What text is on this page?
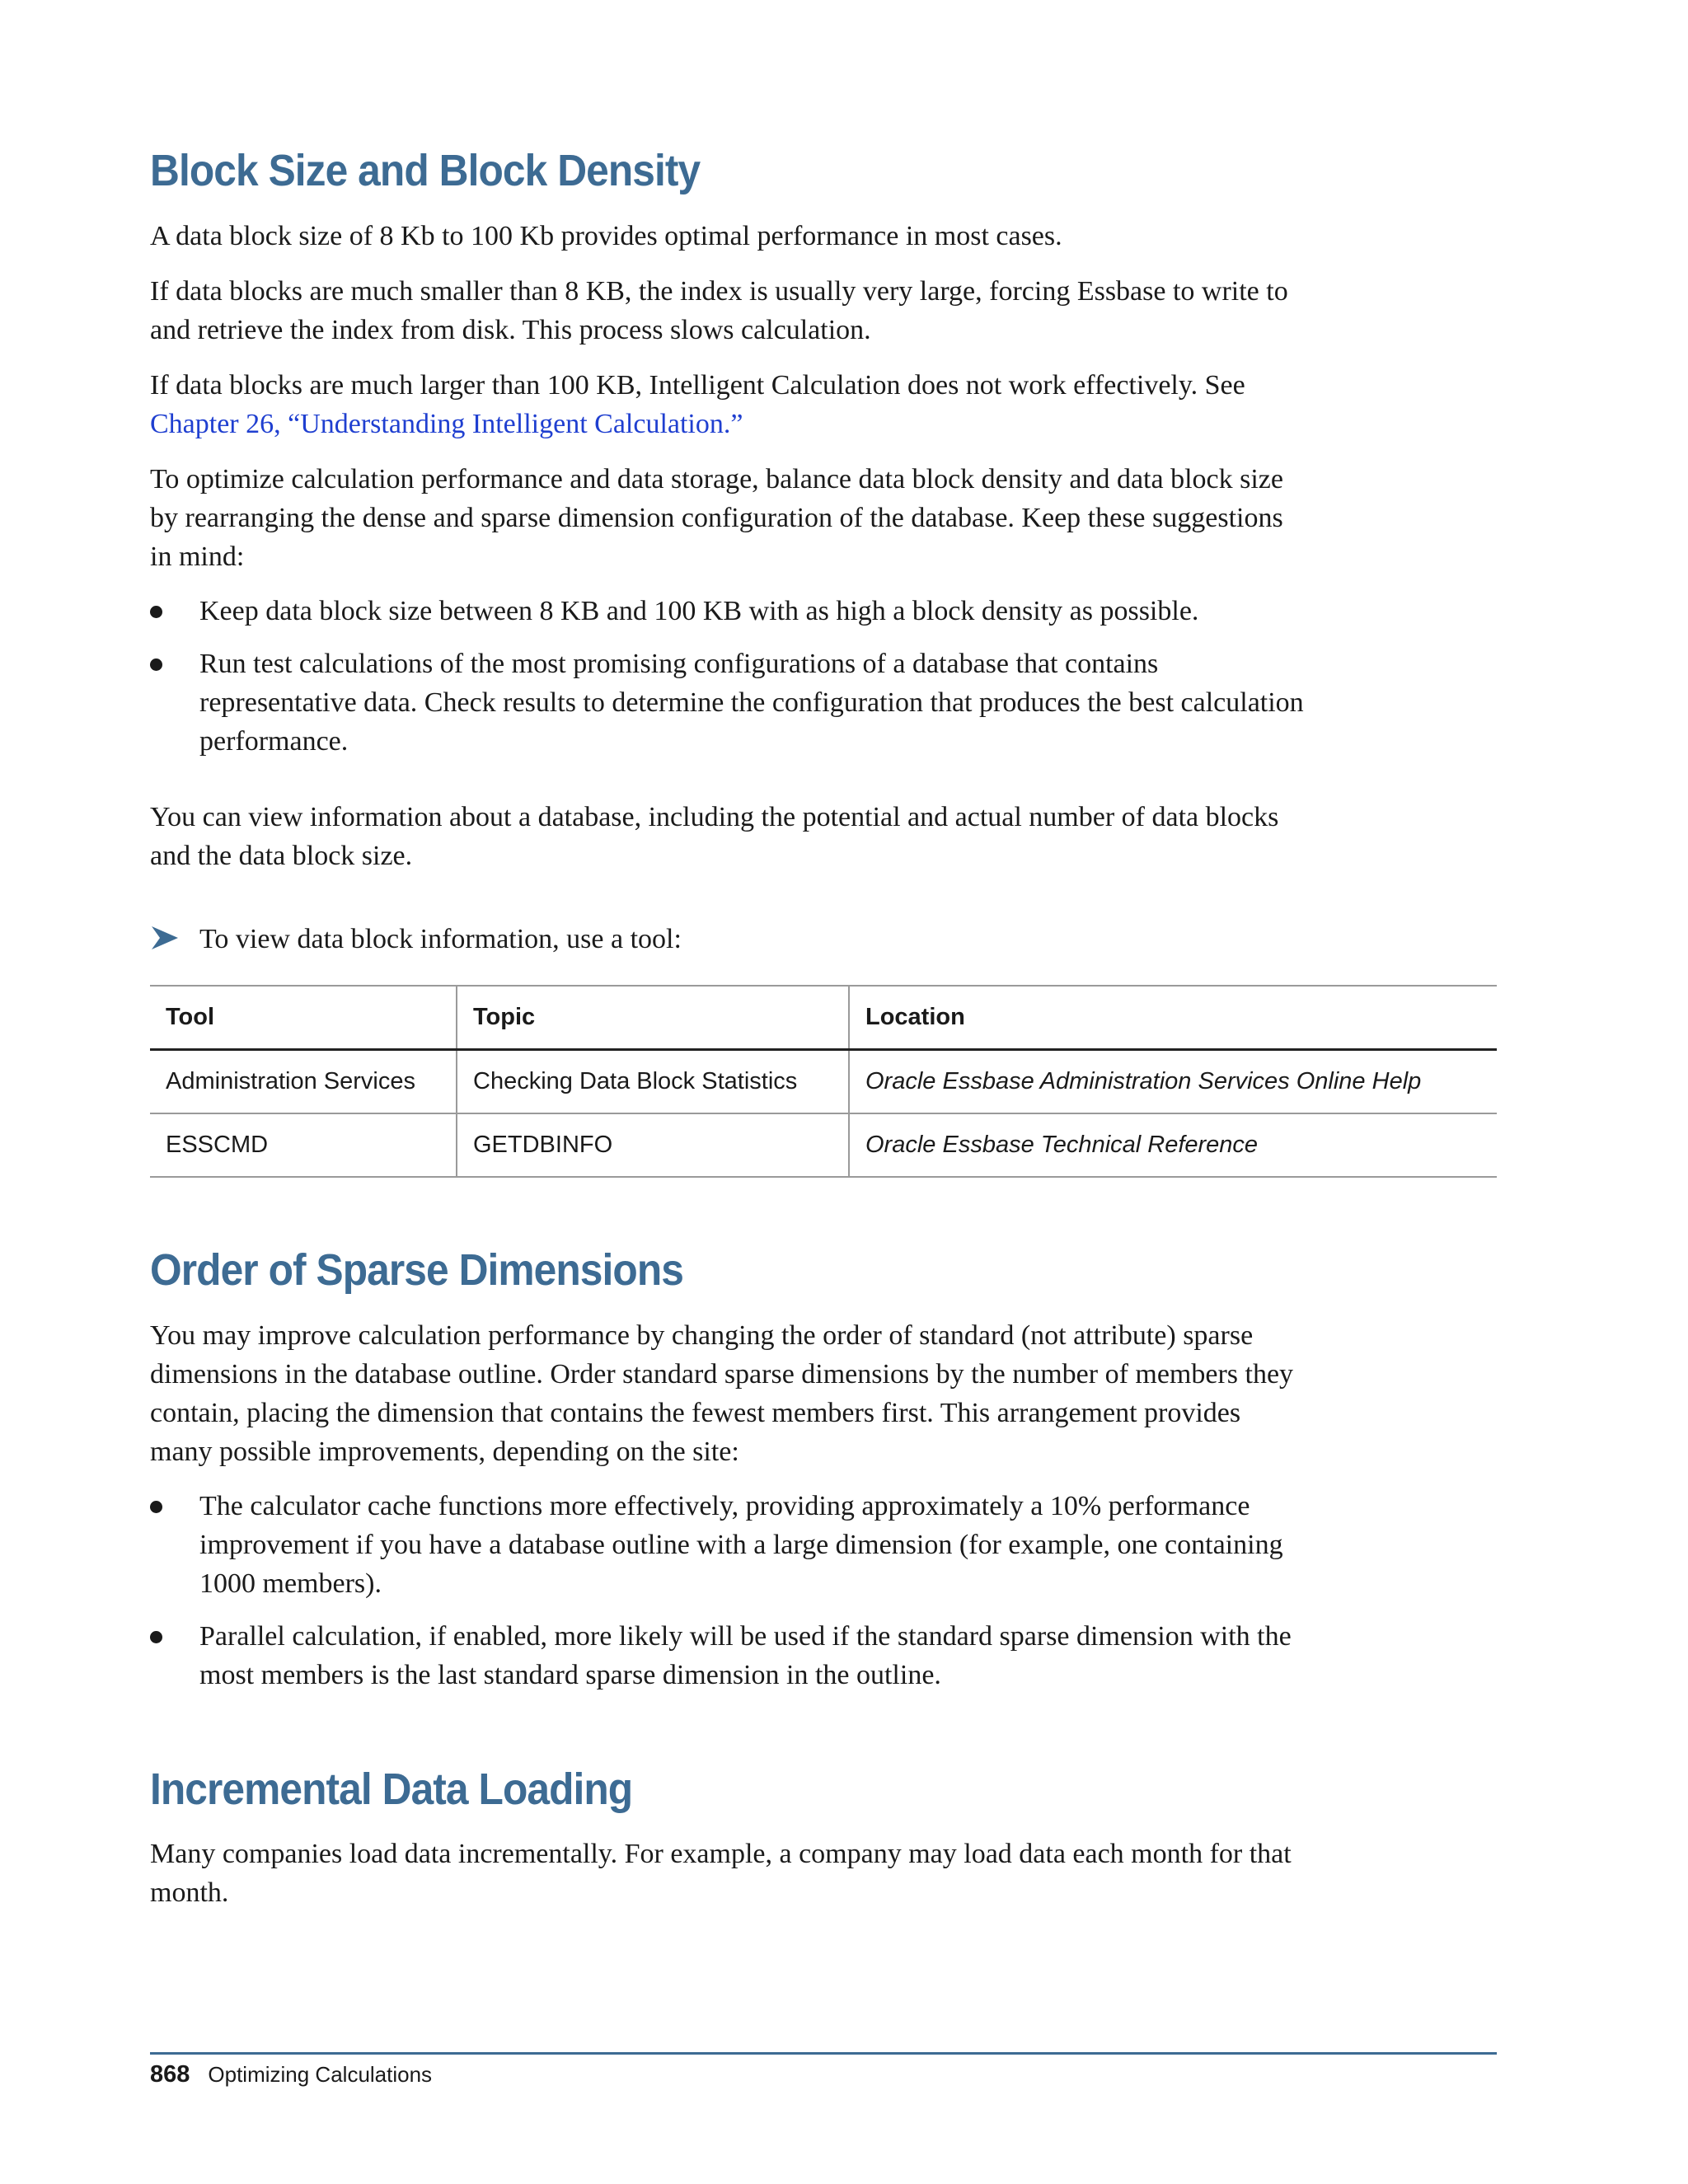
Block Size and Block Density

A data block size of 8 Kb to 100 Kb provides optimal performance in most cases.

If data blocks are much smaller than 8 KB, the index is usually very large, forcing Essbase to write to and retrieve the index from disk. This process slows calculation.

If data blocks are much larger than 100 KB, Intelligent Calculation does not work effectively. See Chapter 26, “Understanding Intelligent Calculation.”

To optimize calculation performance and data storage, balance data block density and data block size by rearranging the dense and sparse dimension configuration of the database. Keep these suggestions in mind:

Keep data block size between 8 KB and 100 KB with as high a block density as possible.
Run test calculations of the most promising configurations of a database that contains representative data. Check results to determine the configuration that produces the best calculation performance.

You can view information about a database, including the potential and actual number of data blocks and the data block size.

To view data block information, use a tool:
Tool	Topic	Location
Administration Services	Checking Data Block Statistics	Oracle Essbase Administration Services Online Help
ESSCMD	GETDBINFO	Oracle Essbase Technical Reference
Order of Sparse Dimensions

You may improve calculation performance by changing the order of standard (not attribute) sparse dimensions in the database outline. Order standard sparse dimensions by the number of members they contain, placing the dimension that contains the fewest members first. This arrangement provides many possible improvements, depending on the site:

The calculator cache functions more effectively, providing approximately a 10% performance improvement if you have a database outline with a large dimension (for example, one containing 1000 members).
Parallel calculation, if enabled, more likely will be used if the standard sparse dimension with the most members is the last standard sparse dimension in the outline.
Incremental Data Loading

Many companies load data incrementally. For example, a company may load data each month for that month.

868 Optimizing Calculations
